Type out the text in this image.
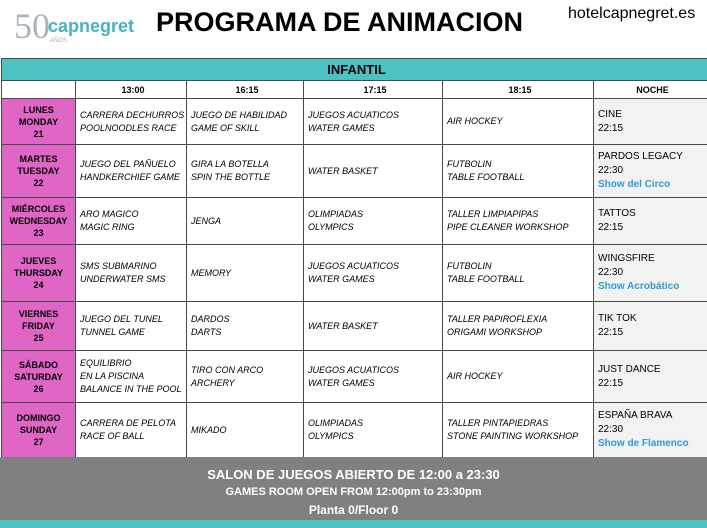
50
capnegret
AÑOS
PROGRAMA DE ANIMACION	hotelcapnegret.es
INFANTIL					
	13:00	16:15	17:15	18:15	NOCHE

LUNES
MONDAY
21	CARRERA DECHURROS
POOLNOODLES RACE	JUEGO DE HABILIDAD
GAME OF SKILL	JUEGOS ACUATICOS
WATER GAMES	AIR HOCKEY	CINE
22:15

MARTES
TUESDAY
22	JUEGO DEL PAÑUELO
HANDKERCHIEF GAME	GIRA LA BOTELLA
SPIN THE BOTTLE	WATER BASKET	FUTBOLIN
TABLE FOOTBALL	PARDOS LEGACY
22:30
Show del Circo

MIÉRCOLES
WEDNESDAY
23	ARO MAGICO
MAGIC RING	JENGA	OLIMPIADAS
OLYMPICS	TALLER LIMPIAPIPAS
PIPE CLEANER WORKSHOP	TATTOS
22:15

JUEVES
THURSDAY
24	SMS SUBMARINO
UNDERWATER SMS	MEMORY	JUEGOS ACUATICOS
WATER GAMES	FUTBOLIN
TABLE FOOTBALL	WINGSFIRE
22:30
Show Acrobático

VIERNES
FRIDAY
25	JUEGO DEL TUNEL
TUNNEL GAME	DARDOS
DARTS	WATER BASKET	TALLER PAPIROFLEXIA
ORIGAMI WORKSHOP	TIK TOK
22:15

SÁBADO
SATURDAY
26	EQUILIBRIO
EN LA PISCINA
BALANCE IN THE POOL	TIRO CON ARCO
ARCHERY	JUEGOS ACUATICOS
WATER GAMES	AIR HOCKEY	JUST DANCE
22:15

DOMINGO
SUNDAY
27	CARRERA DE PELOTA
RACE OF BALL	MIKADO	OLIMPIADAS
OLYMPICS	TALLER PINTAPIEDRAS
STONE PAINTING WORKSHOP	ESPAÑA BRAVA
22:30
Show de Flamenco
SALON DE JUEGOS ABIERTO DE 12:00 a 23:30
GAMES ROOM OPEN FROM 12:00pm to 23:30pm
Planta 0/Floor 0
